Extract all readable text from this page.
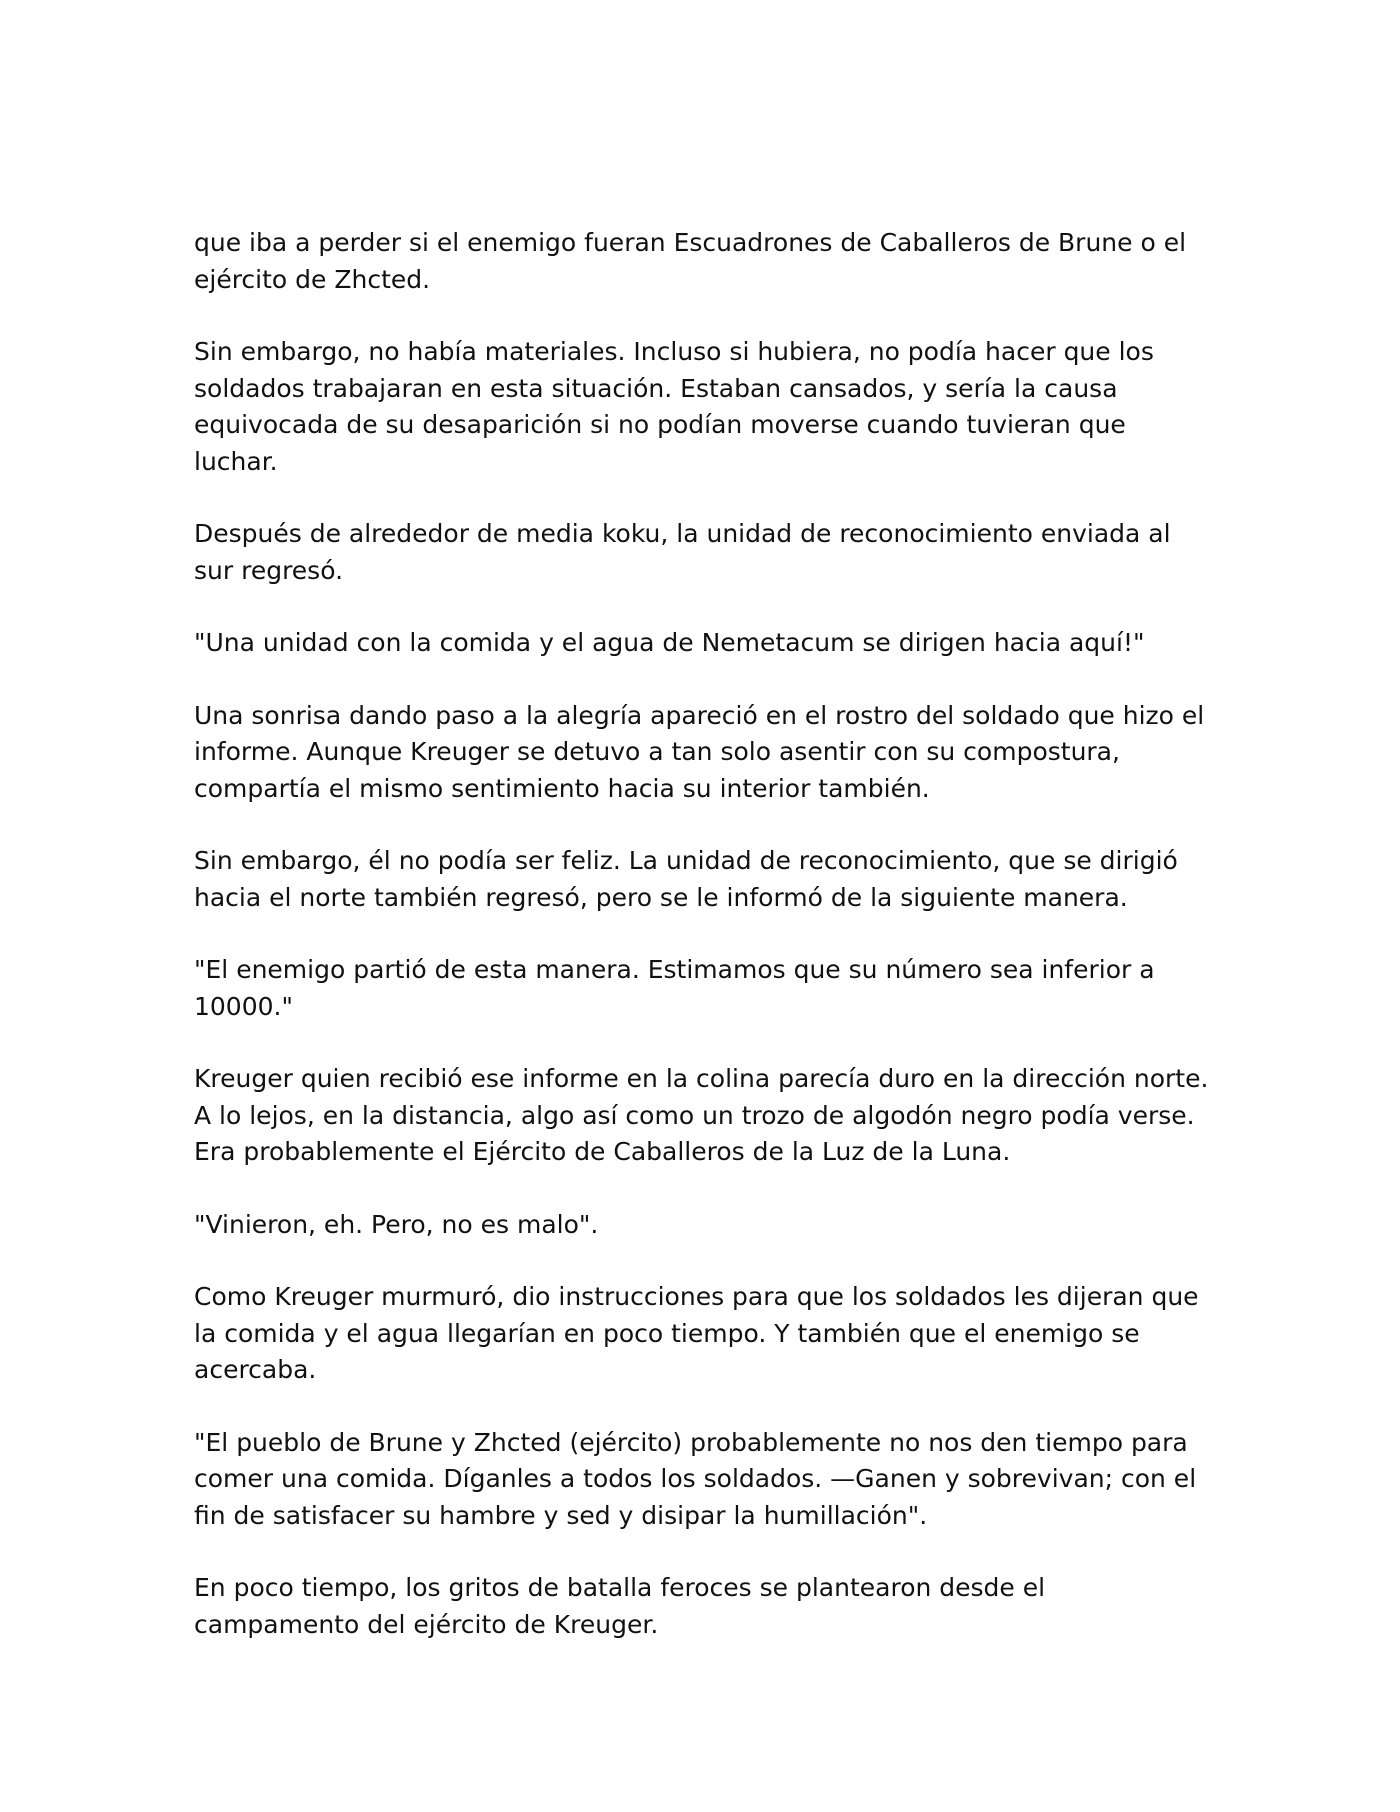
que iba a perder si el enemigo fueran Escuadrones de Caballeros de Brune o el ejército de Zhcted.

Sin embargo, no había materiales. Incluso si hubiera, no podía hacer que los soldados trabajaran en esta situación. Estaban cansados, y sería la causa equivocada de su desaparición si no podían moverse cuando tuvieran que luchar.

Después de alrededor de media koku, la unidad de reconocimiento enviada al sur regresó.

"Una unidad con la comida y el agua de Nemetacum se dirigen hacia aquí!"

Una sonrisa dando paso a la alegría apareció en el rostro del soldado que hizo el informe. Aunque Kreuger se detuvo a tan solo asentir con su compostura, compartía el mismo sentimiento hacia su interior también.

Sin embargo, él no podía ser feliz. La unidad de reconocimiento, que se dirigió hacia el norte también regresó, pero se le informó de la siguiente manera.

"El enemigo partió de esta manera. Estimamos que su número sea inferior a 10000."

Kreuger quien recibió ese informe en la colina parecía duro en la dirección norte. A lo lejos, en la distancia, algo así como un trozo de algodón negro podía verse. Era probablemente el Ejército de Caballeros de la Luz de la Luna.

"Vinieron, eh. Pero, no es malo".

Como Kreuger murmuró, dio instrucciones para que los soldados les dijeran que la comida y el agua llegarían en poco tiempo. Y también que el enemigo se acercaba.

"El pueblo de Brune y Zhcted (ejército) probablemente no nos den tiempo para comer una comida. Díganles a todos los soldados. —Ganen y sobrevivan; con el fin de satisfacer su hambre y sed y disipar la humillación".

En poco tiempo, los gritos de batalla feroces se plantearon desde el campamento del ejército de Kreuger.
